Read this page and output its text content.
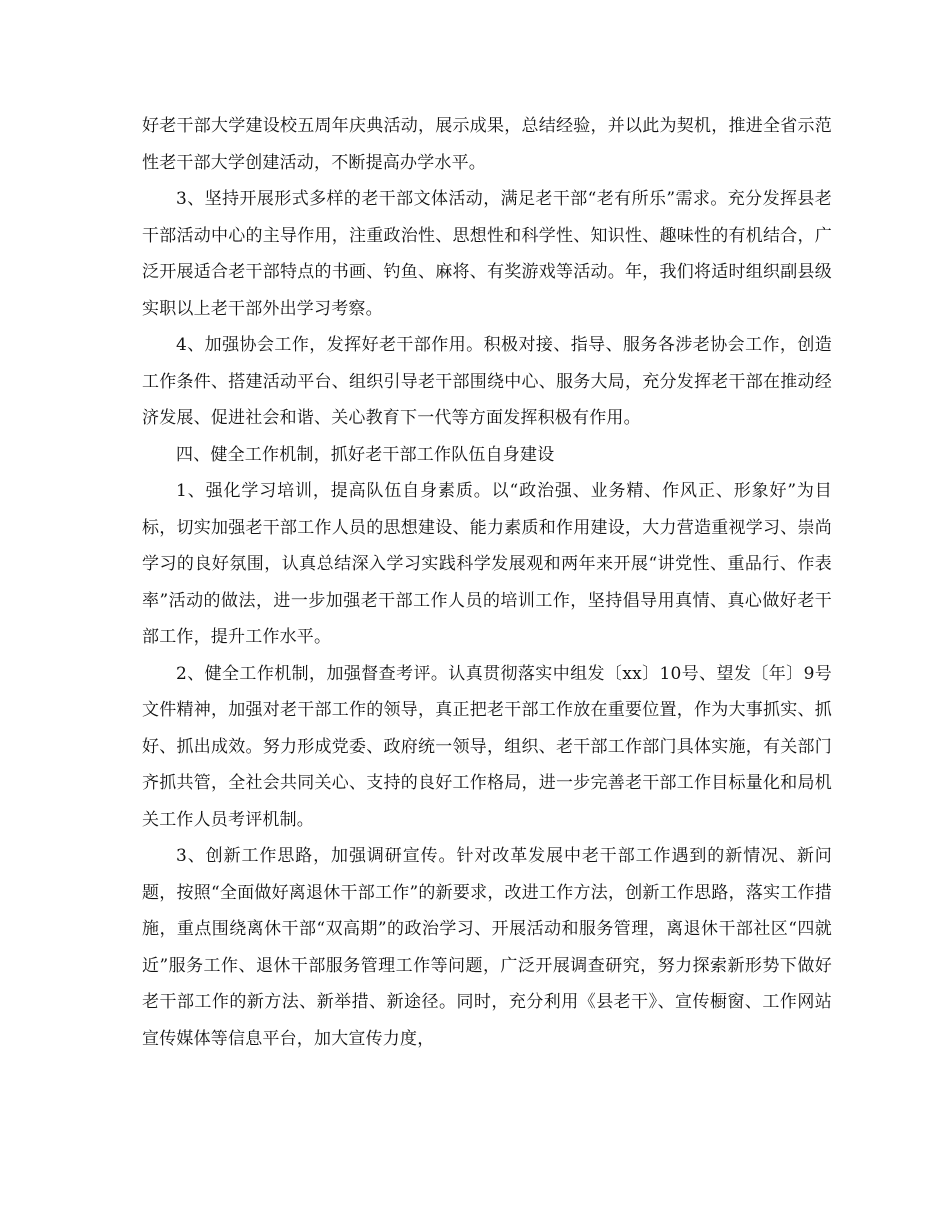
好老干部大学建设校五周年庆典活动，展示成果，总结经验，并以此为契机，推进全省示范性老干部大学创建活动，不断提高办学水平。

3、坚持开展形式多样的老干部文体活动，满足老干部“老有所乐”需求。充分发挥县老干部活动中心的主导作用，注重政治性、思想性和科学性、知识性、趣味性的有机结合，广泛开展适合老干部特点的书画、钓鱼、麻将、有奖游戏等活动。年，我们将适时组织副县级实职以上老干部外出学习考察。

4、加强协会工作，发挥好老干部作用。积极对接、指导、服务各涉老协会工作，创造工作条件、搭建活动平台、组织引导老干部围绕中心、服务大局，充分发挥老干部在推动经济发展、促进社会和谐、关心教育下一代等方面发挥积极有作用。

四、健全工作机制，抓好老干部工作队伍自身建设

1、强化学习培训，提高队伍自身素质。以“政治强、业务精、作风正、形象好”为目标，切实加强老干部工作人员的思想建设、能力素质和作用建设，大力营造重视学习、崇尚学习的良好氛围，认真总结深入学习实践科学发展观和两年来开展“讲党性、重品行、作表率”活动的做法，进一步加强老干部工作人员的培训工作，坚持倡导用真情、真心做好老干部工作，提升工作水平。

2、健全工作机制，加强督查考评。认真贯彻落实中组发〔xx〕10号、望发〔年〕9号文件精神，加强对老干部工作的领导，真正把老干部工作放在重要位置，作为大事抓实、抓好、抓出成效。努力形成党委、政府统一领导，组织、老干部工作部门具体实施，有关部门齐抓共管，全社会共同关心、支持的良好工作格局，进一步完善老干部工作目标量化和局机关工作人员考评机制。

3、创新工作思路，加强调研宣传。针对改革发展中老干部工作遇到的新情况、新问题，按照“全面做好离退休干部工作”的新要求，改进工作方法，创新工作思路，落实工作措施，重点围绕离休干部“双高期”的政治学习、开展活动和服务管理，离退休干部社区“四就近”服务工作、退休干部服务管理工作等问题，广泛开展调查研究，努力探索新形势下做好老干部工作的新方法、新举措、新途径。同时，充分利用《县老干》、宣传橱窗、工作网站宣传媒体等信息平台，加大宣传力度，
